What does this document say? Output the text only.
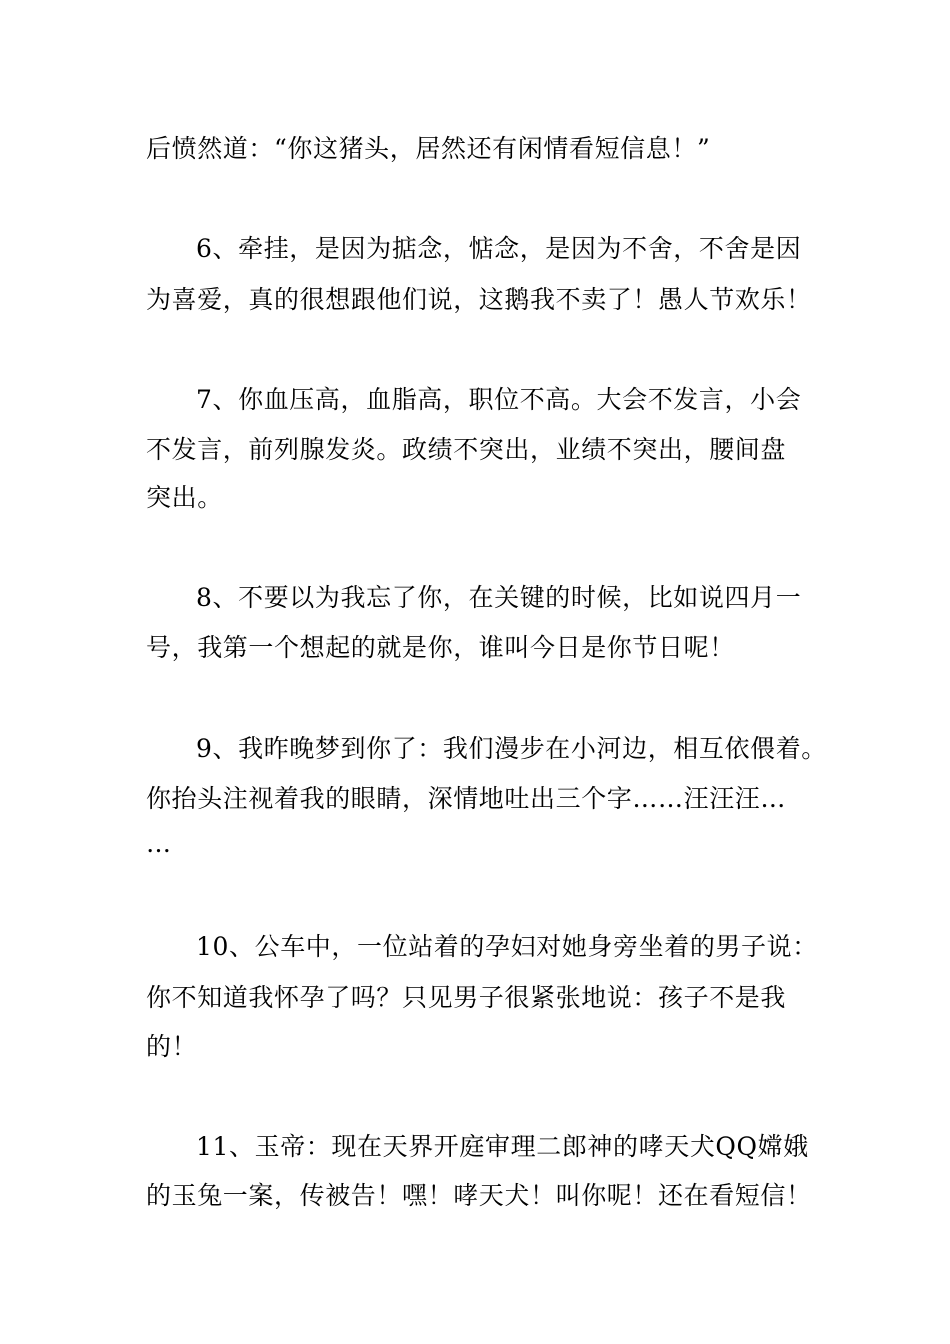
后愤然道：“你这猪头，居然还有闲情看短信息！”
6、牵挂，是因为掂念，惦念，是因为不舍，不舍是因
为喜爱，真的很想跟他们说，这鹅我不卖了！愚人节欢乐！
7、你血压高，血脂高，职位不高。大会不发言，小会
不发言，前列腺发炎。政绩不突出，业绩不突出，腰间盘
突出。
8、不要以为我忘了你，在关键的时候，比如说四月一
号，我第一个想起的就是你，谁叫今日是你节日呢！
9、我昨晚梦到你了：我们漫步在小河边，相互依偎着。
你抬头注视着我的眼睛，深情地吐出三个字……汪汪汪…
…
10、公车中，一位站着的孕妇对她身旁坐着的男子说：
你不知道我怀孕了吗？只见男子很紧张地说：孩子不是我
的！
11、玉帝：现在天界开庭审理二郎神的哮天犬QQ嫦娥
的玉兔一案，传被告！嘿！哮天犬！叫你呢！还在看短信！
